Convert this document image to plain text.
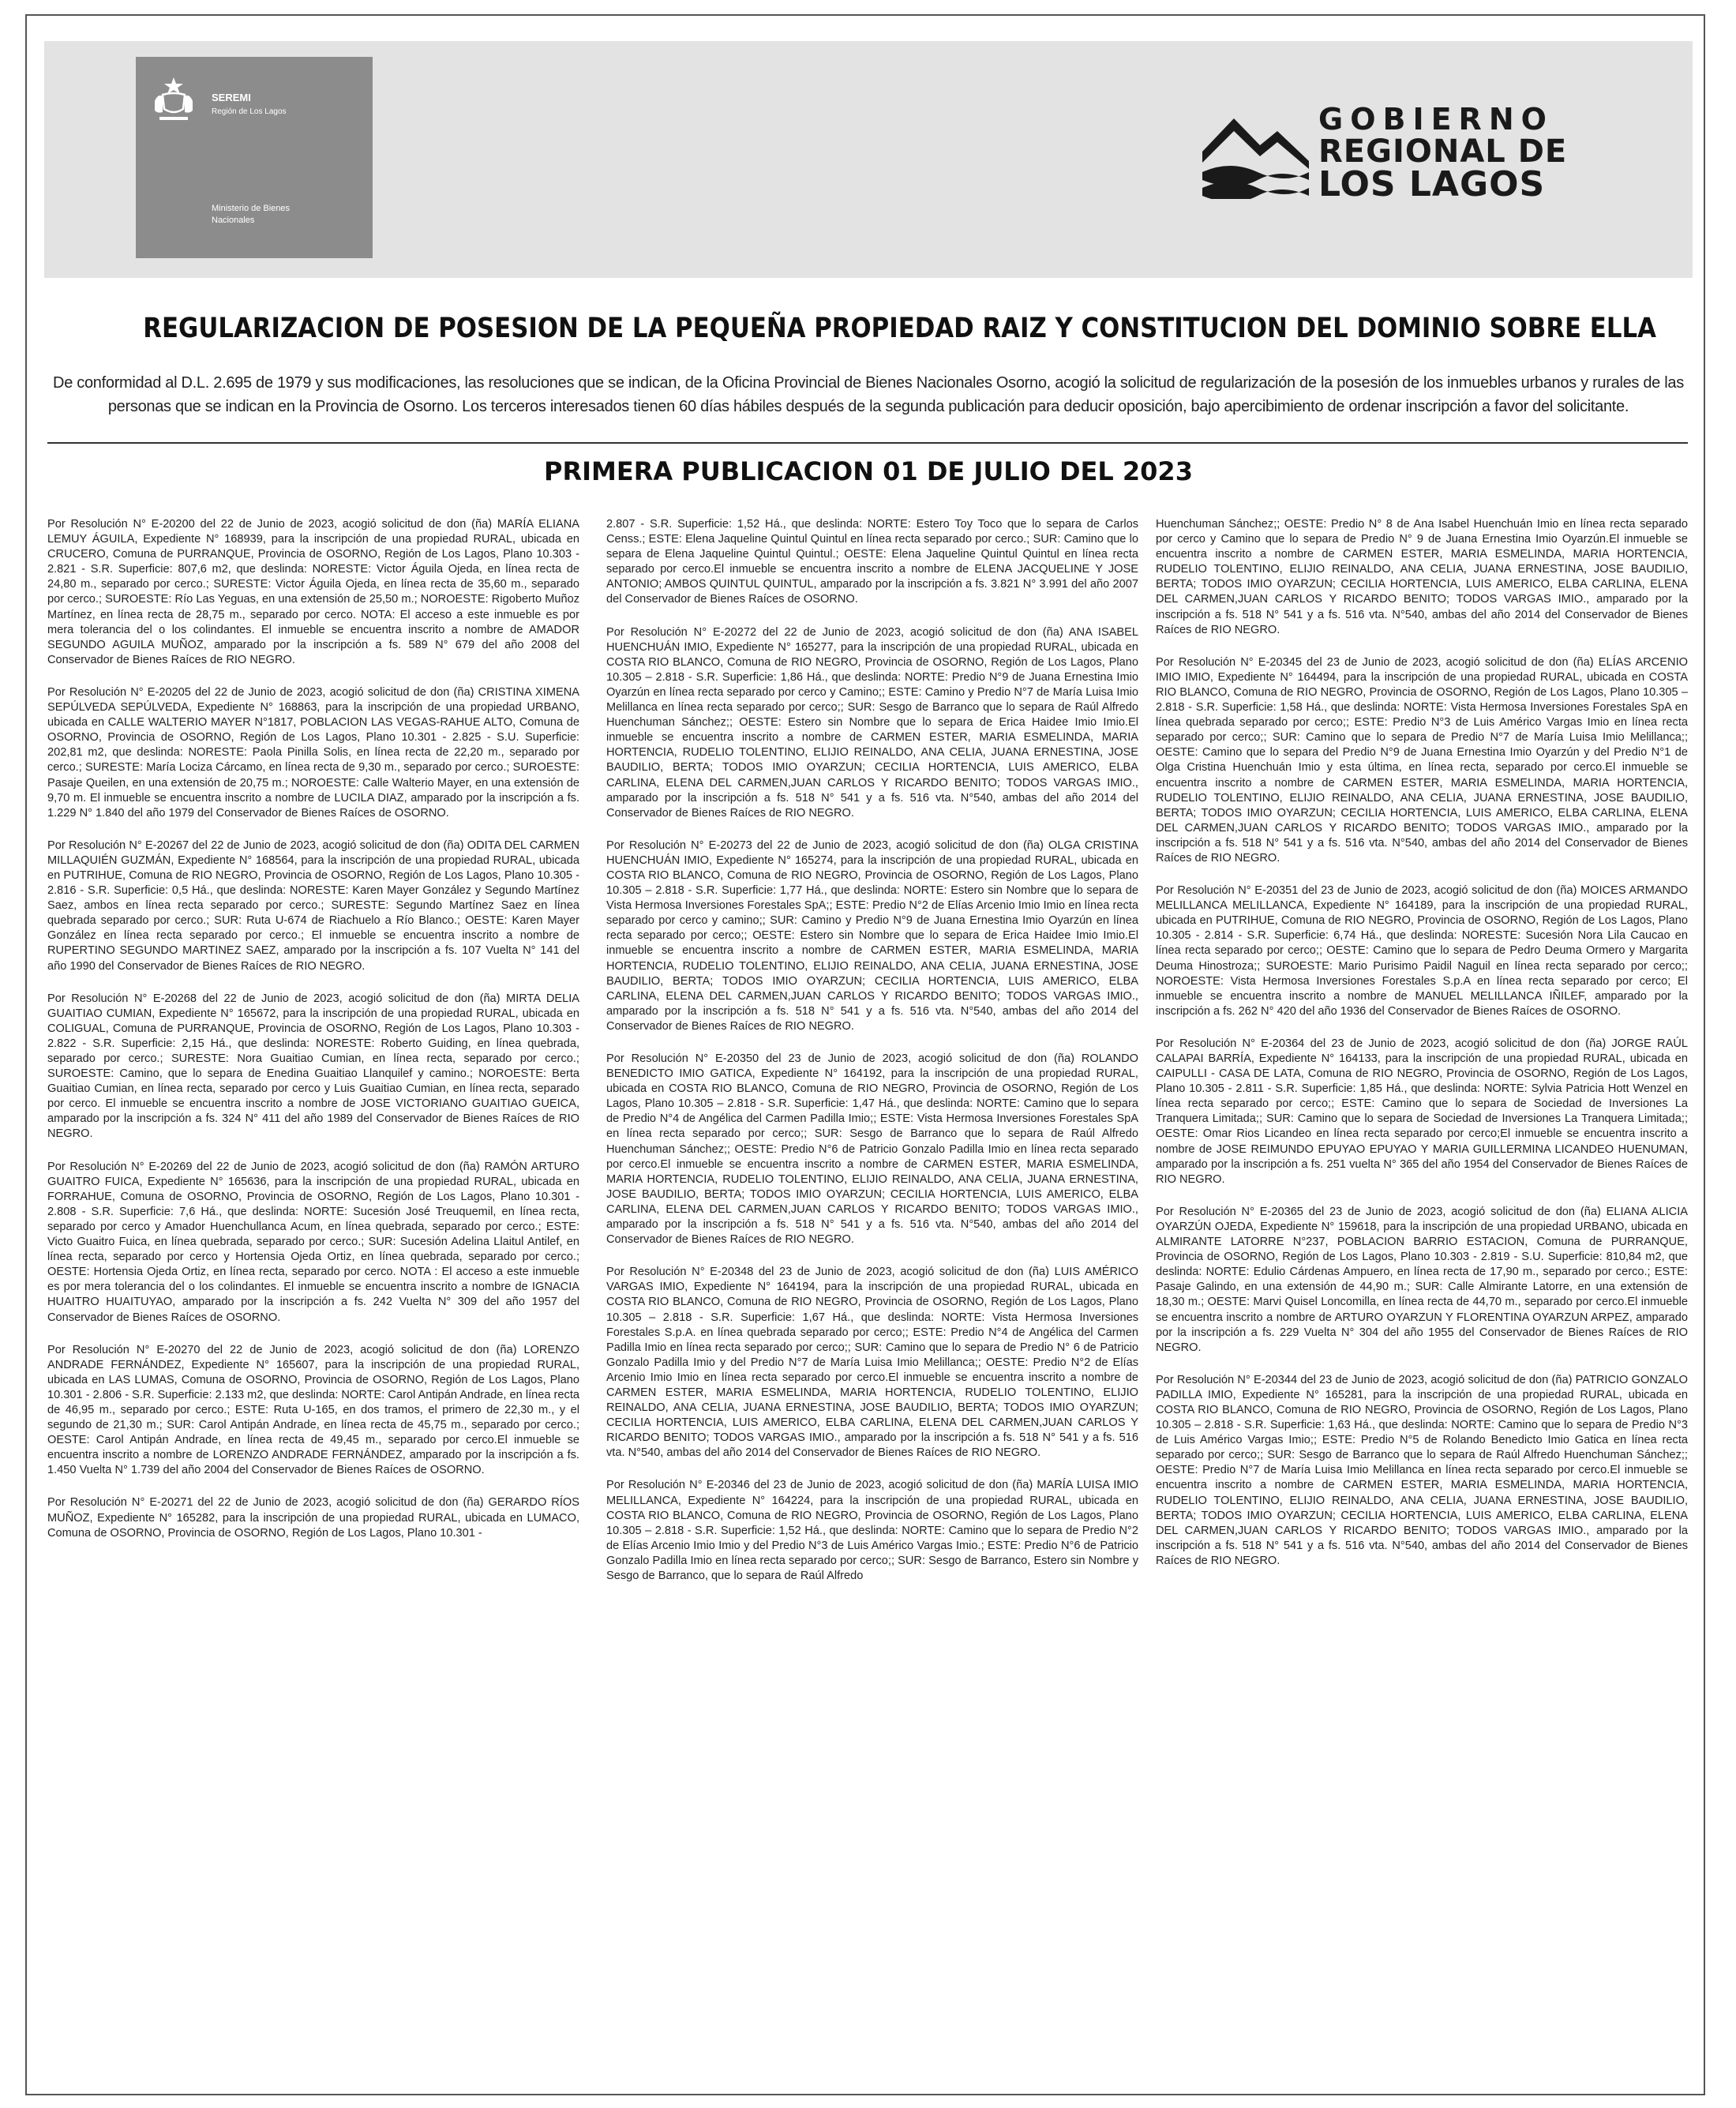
SEREMI
Región de Los Lagos
Ministerio de Bienes Nacionales
GOBIERNO
REGIONAL DE
LOS LAGOS
REGULARIZACION DE POSESION DE LA PEQUEÑA PROPIEDAD RAIZ Y CONSTITUCION DEL DOMINIO SOBRE ELLA
De conformidad al D.L. 2.695 de 1979 y sus modificaciones, las resoluciones que se indican, de la Oficina Provincial de Bienes Nacionales Osorno, acogió la solicitud de regularización de la posesión de los inmuebles urbanos y rurales de las personas que se indican en la Provincia de Osorno. Los terceros interesados tienen 60 días hábiles después de la segunda publicación para deducir oposición, bajo apercibimiento de ordenar inscripción a favor del solicitante.
PRIMERA PUBLICACION 01 DE JULIO DEL 2023

Por Resolución N° E-20200 del 22 de Junio de 2023, acogió solicitud de don (ña) MARÍA ELIANA LEMUY ÁGUILA, Expediente N° 168939, para la inscripción de una propiedad RURAL, ubicada en CRUCERO, Comuna de PURRANQUE, Provincia de OSORNO, Región de Los Lagos, Plano 10.303 - 2.821 - S.R. Superficie: 807,6 m2, que deslinda: NORESTE: Victor Águila Ojeda, en línea recta de 24,80 m., separado por cerco.; SURESTE: Victor Águila Ojeda, en línea recta de 35,60 m., separado por cerco.; SUROESTE: Río Las Yeguas, en una extensión de 25,50 m.; NOROESTE: Rigoberto Muñoz Martínez, en línea recta de 28,75 m., separado por cerco. NOTA: El acceso a este inmueble es por mera tolerancia del o los colindantes. El inmueble se encuentra inscrito a nombre de AMADOR SEGUNDO AGUILA MUÑOZ, amparado por la inscripción a fs. 589 N° 679 del año 2008 del Conservador de Bienes Raíces de RIO NEGRO.

Por Resolución N° E-20205 del 22 de Junio de 2023, acogió solicitud de don (ña) CRISTINA XIMENA SEPÚLVEDA SEPÚLVEDA, Expediente N° 168863, para la inscripción de una propiedad URBANO, ubicada en CALLE WALTERIO MAYER N°1817, POBLACION LAS VEGAS-RAHUE ALTO, Comuna de OSORNO, Provincia de OSORNO, Región de Los Lagos, Plano 10.301 - 2.825 - S.U. Superficie: 202,81 m2, que deslinda: NORESTE: Paola Pinilla Solis, en línea recta de 22,20 m., separado por cerco.; SURESTE: María Lociza Cárcamo, en línea recta de 9,30 m., separado por cerco.; SUROESTE: Pasaje Queilen, en una extensión de 20,75 m.; NOROESTE: Calle Walterio Mayer, en una extensión de 9,70 m. El inmueble se encuentra inscrito a nombre de LUCILA DIAZ, amparado por la inscripción a fs. 1.229 N° 1.840 del año 1979 del Conservador de Bienes Raíces de OSORNO.

Por Resolución N° E-20267 del 22 de Junio de 2023, acogió solicitud de don (ña) ODITA DEL CARMEN MILLAQUIÉN GUZMÁN, Expediente N° 168564, para la inscripción de una propiedad RURAL, ubicada en PUTRIHUE, Comuna de RIO NEGRO, Provincia de OSORNO, Región de Los Lagos, Plano 10.305 - 2.816 - S.R. Superficie: 0,5 Há., que deslinda: NORESTE: Karen Mayer González y Segundo Martínez Saez, ambos en línea recta separado por cerco.; SURESTE: Segundo Martínez Saez en línea quebrada separado por cerco.; SUR: Ruta U-674 de Riachuelo a Río Blanco.; OESTE: Karen Mayer González en línea recta separado por cerco.; El inmueble se encuentra inscrito a nombre de RUPERTINO SEGUNDO MARTINEZ SAEZ, amparado por la inscripción a fs. 107 Vuelta N° 141 del año 1990 del Conservador de Bienes Raíces de RIO NEGRO.

Por Resolución N° E-20268 del 22 de Junio de 2023, acogió solicitud de don (ña) MIRTA DELIA GUAITIAO CUMIAN, Expediente N° 165672, para la inscripción de una propiedad RURAL, ubicada en COLIGUAL, Comuna de PURRANQUE, Provincia de OSORNO, Región de Los Lagos, Plano 10.303 - 2.822 - S.R. Superficie: 2,15 Há., que deslinda: NORESTE: Roberto Guiding, en línea quebrada, separado por cerco.; SURESTE: Nora Guaitiao Cumian, en línea recta, separado por cerco.; SUROESTE: Camino, que lo separa de Enedina Guaitiao Llanquilef y camino.; NOROESTE: Berta Guaitiao Cumian, en línea recta, separado por cerco y Luis Guaitiao Cumian, en línea recta, separado por cerco. El inmueble se encuentra inscrito a nombre de JOSE VICTORIANO GUAITIAO GUEICA, amparado por la inscripción a fs. 324 N° 411 del año 1989 del Conservador de Bienes Raíces de RIO NEGRO.

Por Resolución N° E-20269 del 22 de Junio de 2023, acogió solicitud de don (ña) RAMÓN ARTURO GUAITRO FUICA, Expediente N° 165636, para la inscripción de una propiedad RURAL, ubicada en FORRAHUE, Comuna de OSORNO, Provincia de OSORNO, Región de Los Lagos, Plano 10.301 - 2.808 - S.R. Superficie: 7,6 Há., que deslinda: NORTE: Sucesión José Treuquemil, en línea recta, separado por cerco y Amador Huenchullanca Acum, en línea quebrada, separado por cerco.; ESTE: Victo Guaitro Fuica, en línea quebrada, separado por cerco.; SUR: Sucesión Adelina Llaitul Antilef, en línea recta, separado por cerco y Hortensia Ojeda Ortiz, en línea quebrada, separado por cerco.; OESTE: Hortensia Ojeda Ortiz, en línea recta, separado por cerco. NOTA : El acceso a este inmueble es por mera tolerancia del o los colindantes. El inmueble se encuentra inscrito a nombre de IGNACIA HUAITRO HUAITUYAO, amparado por la inscripción a fs. 242 Vuelta N° 309 del año 1957 del Conservador de Bienes Raíces de OSORNO.

Por Resolución N° E-20270 del 22 de Junio de 2023, acogió solicitud de don (ña) LORENZO ANDRADE FERNÁNDEZ, Expediente N° 165607, para la inscripción de una propiedad RURAL, ubicada en LAS LUMAS, Comuna de OSORNO, Provincia de OSORNO, Región de Los Lagos, Plano 10.301 - 2.806 - S.R. Superficie: 2.133 m2, que deslinda: NORTE: Carol Antipán Andrade, en línea recta de 46,95 m., separado por cerco.; ESTE: Ruta U-165, en dos tramos, el primero de 22,30 m., y el segundo de 21,30 m.; SUR: Carol Antipán Andrade, en línea recta de 45,75 m., separado por cerco.; OESTE: Carol Antipán Andrade, en línea recta de 49,45 m., separado por cerco.El inmueble se encuentra inscrito a nombre de LORENZO ANDRADE FERNÁNDEZ, amparado por la inscripción a fs. 1.450 Vuelta N° 1.739 del año 2004 del Conservador de Bienes Raíces de OSORNO.

Por Resolución N° E-20271 del 22 de Junio de 2023, acogió solicitud de don (ña) GERARDO RÍOS MUÑOZ, Expediente N° 165282, para la inscripción de una propiedad RURAL, ubicada en LUMACO, Comuna de OSORNO, Provincia de OSORNO, Región de Los Lagos, Plano 10.301 -

2.807 - S.R. Superficie: 1,52 Há., que deslinda: NORTE: Estero Toy Toco que lo separa de Carlos Censs.; ESTE: Elena Jaqueline Quintul Quintul en línea recta separado por cerco.; SUR: Camino que lo separa de Elena Jaqueline Quintul Quintul.; OESTE: Elena Jaqueline Quintul Quintul en línea recta separado por cerco.El inmueble se encuentra inscrito a nombre de ELENA JACQUELINE Y JOSE ANTONIO; AMBOS QUINTUL QUINTUL, amparado por la inscripción a fs. 3.821 N° 3.991 del año 2007 del Conservador de Bienes Raíces de OSORNO.

Por Resolución N° E-20272 del 22 de Junio de 2023, acogió solicitud de don (ña) ANA ISABEL HUENCHUÁN IMIO, Expediente N° 165277, para la inscripción de una propiedad RURAL, ubicada en COSTA RIO BLANCO, Comuna de RIO NEGRO, Provincia de OSORNO, Región de Los Lagos, Plano 10.305 – 2.818 - S.R. Superficie: 1,86 Há., que deslinda: NORTE: Predio N°9 de Juana Ernestina Imio Oyarzún en línea recta separado por cerco y Camino;; ESTE: Camino y Predio N°7 de María Luisa Imio Melillanca en línea recta separado por cerco;; SUR: Sesgo de Barranco que lo separa de Raúl Alfredo Huenchuman Sánchez;; OESTE: Estero sin Nombre que lo separa de Erica Haidee Imio Imio.El inmueble se encuentra inscrito a nombre de CARMEN ESTER, MARIA ESMELINDA, MARIA HORTENCIA, RUDELIO TOLENTINO, ELIJIO REINALDO, ANA CELIA, JUANA ERNESTINA, JOSE BAUDILIO, BERTA; TODOS IMIO OYARZUN; CECILIA HORTENCIA, LUIS AMERICO, ELBA CARLINA, ELENA DEL CARMEN,JUAN CARLOS Y RICARDO BENITO; TODOS VARGAS IMIO., amparado por la inscripción a fs. 518 N° 541 y a fs. 516 vta. N°540, ambas del año 2014 del Conservador de Bienes Raíces de RIO NEGRO.

Por Resolución N° E-20273 del 22 de Junio de 2023, acogió solicitud de don (ña) OLGA CRISTINA HUENCHUÁN IMIO, Expediente N° 165274, para la inscripción de una propiedad RURAL, ubicada en COSTA RIO BLANCO, Comuna de RIO NEGRO, Provincia de OSORNO, Región de Los Lagos, Plano 10.305 – 2.818 - S.R. Superficie: 1,77 Há., que deslinda: NORTE: Estero sin Nombre que lo separa de Vista Hermosa Inversiones Forestales SpA;; ESTE: Predio N°2 de Elías Arcenio Imio Imio en línea recta separado por cerco y camino;; SUR: Camino y Predio N°9 de Juana Ernestina Imio Oyarzún en línea recta separado por cerco;; OESTE: Estero sin Nombre que lo separa de Erica Haidee Imio Imio.El inmueble se encuentra inscrito a nombre de CARMEN ESTER, MARIA ESMELINDA, MARIA HORTENCIA, RUDELIO TOLENTINO, ELIJIO REINALDO, ANA CELIA, JUANA ERNESTINA, JOSE BAUDILIO, BERTA; TODOS IMIO OYARZUN; CECILIA HORTENCIA, LUIS AMERICO, ELBA CARLINA, ELENA DEL CARMEN,JUAN CARLOS Y RICARDO BENITO; TODOS VARGAS IMIO., amparado por la inscripción a fs. 518 N° 541 y a fs. 516 vta. N°540, ambas del año 2014 del Conservador de Bienes Raíces de RIO NEGRO.

Por Resolución N° E-20350 del 23 de Junio de 2023, acogió solicitud de don (ña) ROLANDO BENEDICTO IMIO GATICA, Expediente N° 164192, para la inscripción de una propiedad RURAL, ubicada en COSTA RIO BLANCO, Comuna de RIO NEGRO, Provincia de OSORNO, Región de Los Lagos, Plano 10.305 – 2.818 - S.R. Superficie: 1,47 Há., que deslinda: NORTE: Camino que lo separa de Predio N°4 de Angélica del Carmen Padilla Imio;; ESTE: Vista Hermosa Inversiones Forestales SpA en línea recta separado por cerco;; SUR: Sesgo de Barranco que lo separa de Raúl Alfredo Huenchuman Sánchez;; OESTE: Predio N°6 de Patricio Gonzalo Padilla Imio en línea recta separado por cerco.El inmueble se encuentra inscrito a nombre de CARMEN ESTER, MARIA ESMELINDA, MARIA HORTENCIA, RUDELIO TOLENTINO, ELIJIO REINALDO, ANA CELIA, JUANA ERNESTINA, JOSE BAUDILIO, BERTA; TODOS IMIO OYARZUN; CECILIA HORTENCIA, LUIS AMERICO, ELBA CARLINA, ELENA DEL CARMEN,JUAN CARLOS Y RICARDO BENITO; TODOS VARGAS IMIO., amparado por la inscripción a fs. 518 N° 541 y a fs. 516 vta. N°540, ambas del año 2014 del Conservador de Bienes Raíces de RIO NEGRO.

Por Resolución N° E-20348 del 23 de Junio de 2023, acogió solicitud de don (ña) LUIS AMÉRICO VARGAS IMIO, Expediente N° 164194, para la inscripción de una propiedad RURAL, ubicada en COSTA RIO BLANCO, Comuna de RIO NEGRO, Provincia de OSORNO, Región de Los Lagos, Plano 10.305 – 2.818 - S.R. Superficie: 1,67 Há., que deslinda: NORTE: Vista Hermosa Inversiones Forestales S.p.A. en línea quebrada separado por cerco;; ESTE: Predio N°4 de Angélica del Carmen Padilla Imio en línea recta separado por cerco;; SUR: Camino que lo separa de Predio N° 6 de Patricio Gonzalo Padilla Imio y del Predio N°7 de María Luisa Imio Melillanca;; OESTE: Predio N°2 de Elías Arcenio Imio Imio en línea recta separado por cerco.El inmueble se encuentra inscrito a nombre de CARMEN ESTER, MARIA ESMELINDA, MARIA HORTENCIA, RUDELIO TOLENTINO, ELIJIO REINALDO, ANA CELIA, JUANA ERNESTINA, JOSE BAUDILIO, BERTA; TODOS IMIO OYARZUN; CECILIA HORTENCIA, LUIS AMERICO, ELBA CARLINA, ELENA DEL CARMEN,JUAN CARLOS Y RICARDO BENITO; TODOS VARGAS IMIO., amparado por la inscripción a fs. 518 N° 541 y a fs. 516 vta. N°540, ambas del año 2014 del Conservador de Bienes Raíces de RIO NEGRO.

Por Resolución N° E-20346 del 23 de Junio de 2023, acogió solicitud de don (ña) MARÍA LUISA IMIO MELILLANCA, Expediente N° 164224, para la inscripción de una propiedad RURAL, ubicada en COSTA RIO BLANCO, Comuna de RIO NEGRO, Provincia de OSORNO, Región de Los Lagos, Plano 10.305 – 2.818 - S.R. Superficie: 1,52 Há., que deslinda: NORTE: Camino que lo separa de Predio N°2 de Elías Arcenio Imio Imio y del Predio N°3 de Luis Américo Vargas Imio.; ESTE: Predio N°6 de Patricio Gonzalo Padilla Imio en línea recta separado por cerco;; SUR: Sesgo de Barranco, Estero sin Nombre y Sesgo de Barranco, que lo separa de Raúl Alfredo

Huenchuman Sánchez;; OESTE: Predio N° 8 de Ana Isabel Huenchuán Imio en línea recta separado por cerco y Camino que lo separa de Predio N° 9 de Juana Ernestina Imio Oyarzún.El inmueble se encuentra inscrito a nombre de CARMEN ESTER, MARIA ESMELINDA, MARIA HORTENCIA, RUDELIO TOLENTINO, ELIJIO REINALDO, ANA CELIA, JUANA ERNESTINA, JOSE BAUDILIO, BERTA; TODOS IMIO OYARZUN; CECILIA HORTENCIA, LUIS AMERICO, ELBA CARLINA, ELENA DEL CARMEN,JUAN CARLOS Y RICARDO BENITO; TODOS VARGAS IMIO., amparado por la inscripción a fs. 518 N° 541 y a fs. 516 vta. N°540, ambas del año 2014 del Conservador de Bienes Raíces de RIO NEGRO.

Por Resolución N° E-20345 del 23 de Junio de 2023, acogió solicitud de don (ña) ELÍAS ARCENIO IMIO IMIO, Expediente N° 164494, para la inscripción de una propiedad RURAL, ubicada en COSTA RIO BLANCO, Comuna de RIO NEGRO, Provincia de OSORNO, Región de Los Lagos, Plano 10.305 – 2.818 - S.R. Superficie: 1,58 Há., que deslinda: NORTE: Vista Hermosa Inversiones Forestales SpA en línea quebrada separado por cerco;; ESTE: Predio N°3 de Luis Américo Vargas Imio en línea recta separado por cerco;; SUR: Camino que lo separa de Predio N°7 de María Luisa Imio Melillanca;; OESTE: Camino que lo separa del Predio N°9 de Juana Ernestina Imio Oyarzún y del Predio N°1 de Olga Cristina Huenchuán Imio y esta última, en línea recta, separado por cerco.El inmueble se encuentra inscrito a nombre de CARMEN ESTER, MARIA ESMELINDA, MARIA HORTENCIA, RUDELIO TOLENTINO, ELIJIO REINALDO, ANA CELIA, JUANA ERNESTINA, JOSE BAUDILIO, BERTA; TODOS IMIO OYARZUN; CECILIA HORTENCIA, LUIS AMERICO, ELBA CARLINA, ELENA DEL CARMEN,JUAN CARLOS Y RICARDO BENITO; TODOS VARGAS IMIO., amparado por la inscripción a fs. 518 N° 541 y a fs. 516 vta. N°540, ambas del año 2014 del Conservador de Bienes Raíces de RIO NEGRO.

Por Resolución N° E-20351 del 23 de Junio de 2023, acogió solicitud de don (ña) MOICES ARMANDO MELILLANCA MELILLANCA, Expediente N° 164189, para la inscripción de una propiedad RURAL, ubicada en PUTRIHUE, Comuna de RIO NEGRO, Provincia de OSORNO, Región de Los Lagos, Plano 10.305 - 2.814 - S.R. Superficie: 6,74 Há., que deslinda: NORESTE: Sucesión Nora Lila Caucao en línea recta separado por cerco;; OESTE: Camino que lo separa de Pedro Deuma Ormero y Margarita Deuma Hinostroza;; SUROESTE: Mario Purisimo Paidil Naguil en línea recta separado por cerco;; NOROESTE: Vista Hermosa Inversiones Forestales S.p.A en línea recta separado por cerco; El inmueble se encuentra inscrito a nombre de MANUEL MELILLANCA IÑILEF, amparado por la inscripción a fs. 262 N° 420 del año 1936 del Conservador de Bienes Raíces de OSORNO.

Por Resolución N° E-20364 del 23 de Junio de 2023, acogió solicitud de don (ña) JORGE RAÚL CALAPAI BARRÍA, Expediente N° 164133, para la inscripción de una propiedad RURAL, ubicada en CAIPULLI - CASA DE LATA, Comuna de RIO NEGRO, Provincia de OSORNO, Región de Los Lagos, Plano 10.305 - 2.811 - S.R. Superficie: 1,85 Há., que deslinda: NORTE: Sylvia Patricia Hott Wenzel en línea recta separado por cerco;; ESTE: Camino que lo separa de Sociedad de Inversiones La Tranquera Limitada;; SUR: Camino que lo separa de Sociedad de Inversiones La Tranquera Limitada;; OESTE: Omar Rios Licandeo en línea recta separado por cerco;El inmueble se encuentra inscrito a nombre de JOSE REIMUNDO EPUYAO EPUYAO Y MARIA GUILLERMINA LICANDEO HUENUMAN, amparado por la inscripción a fs. 251 vuelta N° 365 del año 1954 del Conservador de Bienes Raíces de RIO NEGRO.

Por Resolución N° E-20365 del 23 de Junio de 2023, acogió solicitud de don (ña) ELIANA ALICIA OYARZÚN OJEDA, Expediente N° 159618, para la inscripción de una propiedad URBANO, ubicada en ALMIRANTE LATORRE N°237, POBLACION BARRIO ESTACION, Comuna de PURRANQUE, Provincia de OSORNO, Región de Los Lagos, Plano 10.303 - 2.819 - S.U. Superficie: 810,84 m2, que deslinda: NORTE: Edulio Cárdenas Ampuero, en línea recta de 17,90 m., separado por cerco.; ESTE: Pasaje Galindo, en una extensión de 44,90 m.; SUR: Calle Almirante Latorre, en una extensión de 18,30 m.; OESTE: Marvi Quisel Loncomilla, en línea recta de 44,70 m., separado por cerco.El inmueble se encuentra inscrito a nombre de ARTURO OYARZUN Y FLORENTINA OYARZUN ARPEZ, amparado por la inscripción a fs. 229 Vuelta N° 304 del año 1955 del Conservador de Bienes Raíces de RIO NEGRO.

Por Resolución N° E-20344 del 23 de Junio de 2023, acogió solicitud de don (ña) PATRICIO GONZALO PADILLA IMIO, Expediente N° 165281, para la inscripción de una propiedad RURAL, ubicada en COSTA RIO BLANCO, Comuna de RIO NEGRO, Provincia de OSORNO, Región de Los Lagos, Plano 10.305 – 2.818 - S.R. Superficie: 1,63 Há., que deslinda: NORTE: Camino que lo separa de Predio N°3 de Luis Américo Vargas Imio;; ESTE: Predio N°5 de Rolando Benedicto Imio Gatica en línea recta separado por cerco;; SUR: Sesgo de Barranco que lo separa de Raúl Alfredo Huenchuman Sánchez;; OESTE: Predio N°7 de María Luisa Imio Melillanca en línea recta separado por cerco.El inmueble se encuentra inscrito a nombre de CARMEN ESTER, MARIA ESMELINDA, MARIA HORTENCIA, RUDELIO TOLENTINO, ELIJIO REINALDO, ANA CELIA, JUANA ERNESTINA, JOSE BAUDILIO, BERTA; TODOS IMIO OYARZUN; CECILIA HORTENCIA, LUIS AMERICO, ELBA CARLINA, ELENA DEL CARMEN,JUAN CARLOS Y RICARDO BENITO; TODOS VARGAS IMIO., amparado por la inscripción a fs. 518 N° 541 y a fs. 516 vta. N°540, ambas del año 2014 del Conservador de Bienes Raíces de RIO NEGRO.
